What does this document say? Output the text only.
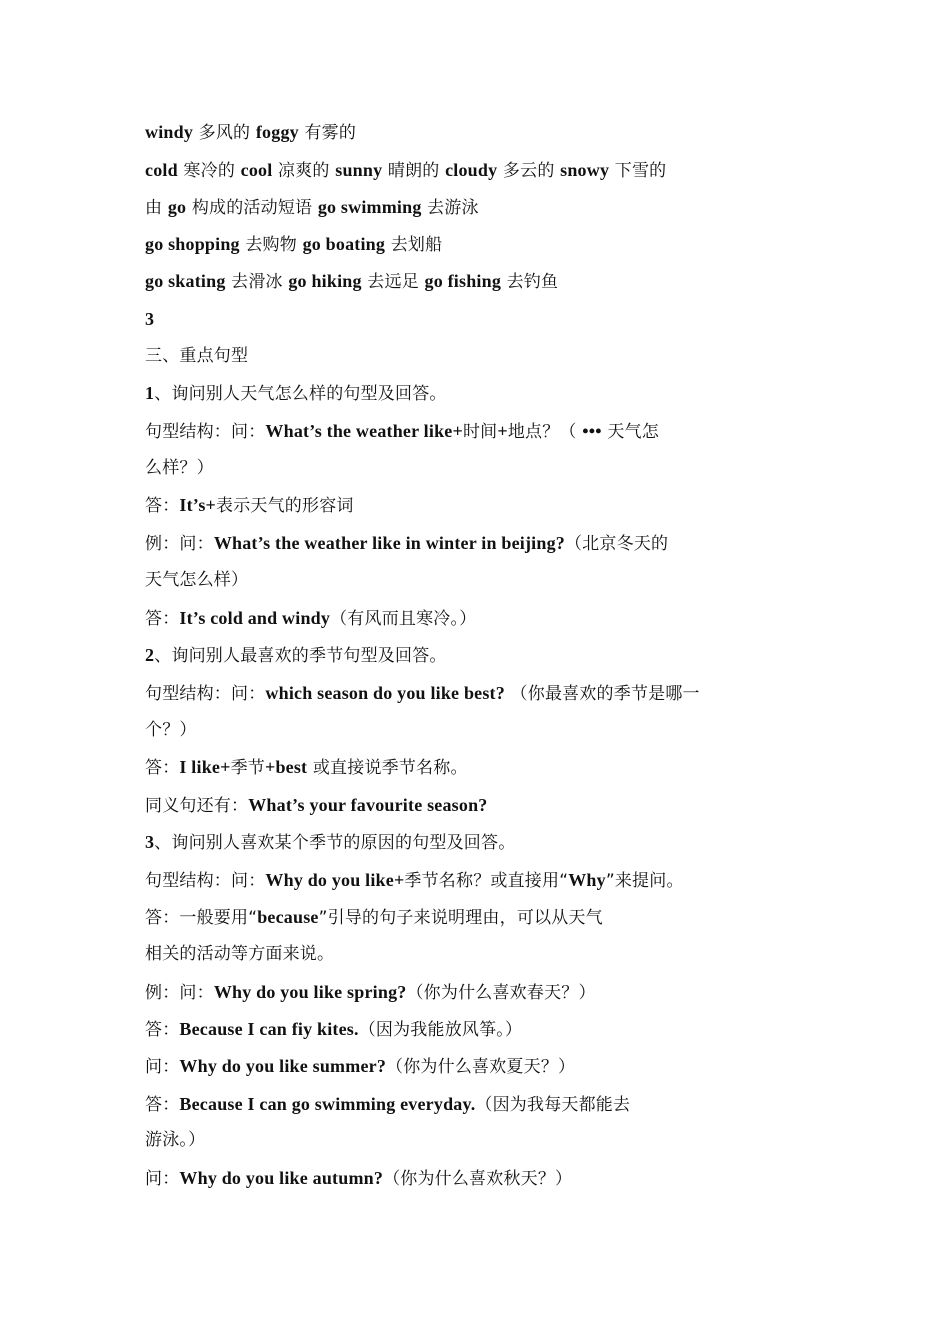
windy 多风的 foggy 有雾的
cold 寒冷的 cool 凉爽的 sunny 晴朗的 cloudy 多云的 snowy 下雪的
由 go 构成的活动短语 go swimming 去游泳
go shopping 去购物 go boating 去划船
go skating 去滑冰 go hiking 去远足 go fishing 去钓鱼
3
三、重点句型
1、询问别人天气怎么样的句型及回答。
句型结构：问：What’s the weather like+时间+地点？（ ••• 天气怎
么样？）
答：It’s+表示天气的形容词
例：问：What’s the weather like in winter in beijing?（北京冬天的
天气怎么样）
答：It’s cold and windy（有风而且寒冷。）
2、询问别人最喜欢的季节句型及回答。
句型结构：问：which season do you like best? （你最喜欢的季节是哪一
个？）
答：I like+季节+best 或直接说季节名称。
同义句还有：What’s your favourite season?
3、询问别人喜欢某个季节的原因的句型及回答。
句型结构：问：Why do you like+季节名称？或直接用“Why”来提问。
答：一般要用“because”引导的句子来说明理由，可以从天气
相关的活动等方面来说。
例：问：Why do you like spring?（你为什么喜欢春天？）
答：Because I can fiy kites.（因为我能放风筝。）
问：Why do you like summer?（你为什么喜欢夏天？）
答：Because I can go swimming everyday.（因为我每天都能去
游泳。）
问：Why do you like autumn?（你为什么喜欢秋天？）
